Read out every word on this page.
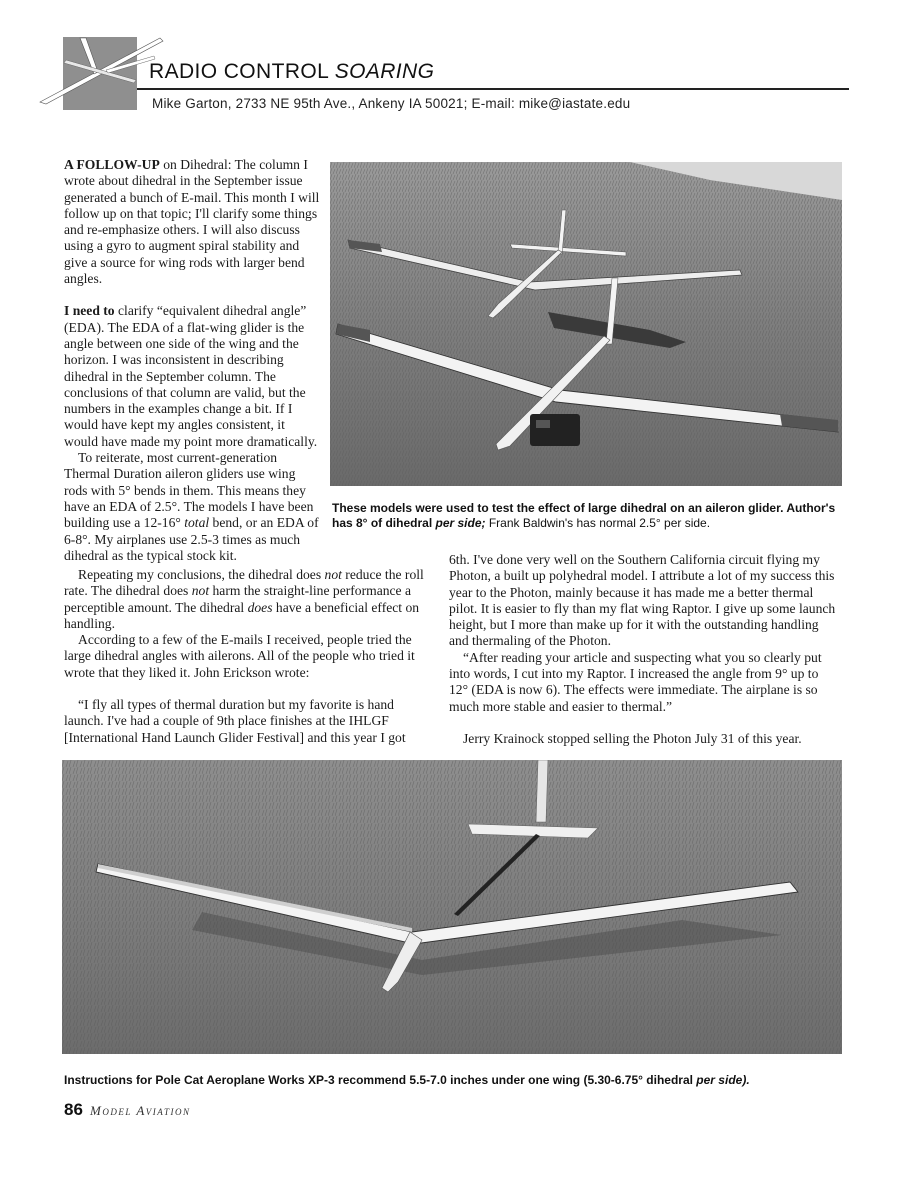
RADIO CONTROL SOARING
Mike Garton, 2733 NE 95th Ave., Ankeny IA 50021; E-mail: mike@iastate.edu

A FOLLOW-UP on Dihedral: The column I wrote about dihedral in the September issue generated a bunch of E-mail. This month I will follow up on that topic; I'll clarify some things and re-emphasize others. I will also discuss using a gyro to augment spiral stability and give a source for wing rods with larger bend angles.

I need to clarify “equivalent dihedral angle” (EDA). The EDA of a flat-wing glider is the angle between one side of the wing and the horizon. I was inconsistent in describing dihedral in the September column. The conclusions of that column are valid, but the numbers in the examples change a bit. If I would have kept my angles consistent, it would have made my point more dramatically.

To reiterate, most current-generation Thermal Duration aileron gliders use wing rods with 5° bends in them. This means they have an EDA of 2.5°. The models I have been building use a 12-16° total bend, or an EDA of 6-8°. My airplanes use 2.5-3 times as much dihedral as the typical stock kit.

Repeating my conclusions, the dihedral does not reduce the roll rate. The dihedral does not harm the straight-line performance a perceptible amount. The dihedral does have a beneficial effect on handling.

According to a few of the E-mails I received, people tried the large dihedral angles with ailerons. All of the people who tried it wrote that they liked it. John Erickson wrote:

“I fly all types of thermal duration but my favorite is hand launch. I've had a couple of 9th place finishes at the IHLGF [International Hand Launch Glider Festival] and this year I got

6th. I've done very well on the Southern California circuit flying my Photon, a built up polyhedral model. I attribute a lot of my success this year to the Photon, mainly because it has made me a better thermal pilot. It is easier to fly than my flat wing Raptor. I give up some launch height, but I more than make up for it with the outstanding handling and thermaling of the Photon.

“After reading your article and suspecting what you so clearly put into words, I cut into my Raptor. I increased the angle from 9° up to 12° (EDA is now 6). The effects were immediate. The airplane is so much more stable and easier to thermal.”

Jerry Krainock stopped selling the Photon July 31 of this year.

These models were used to test the effect of large dihedral on an aileron glider. Author's has 8° of dihedral per side; Frank Baldwin's has normal 2.5° per side.
Instructions for Pole Cat Aeroplane Works XP-3 recommend 5.5-7.0 inches under one wing (5.30-6.75° dihedral per side).
86 Model Aviation
